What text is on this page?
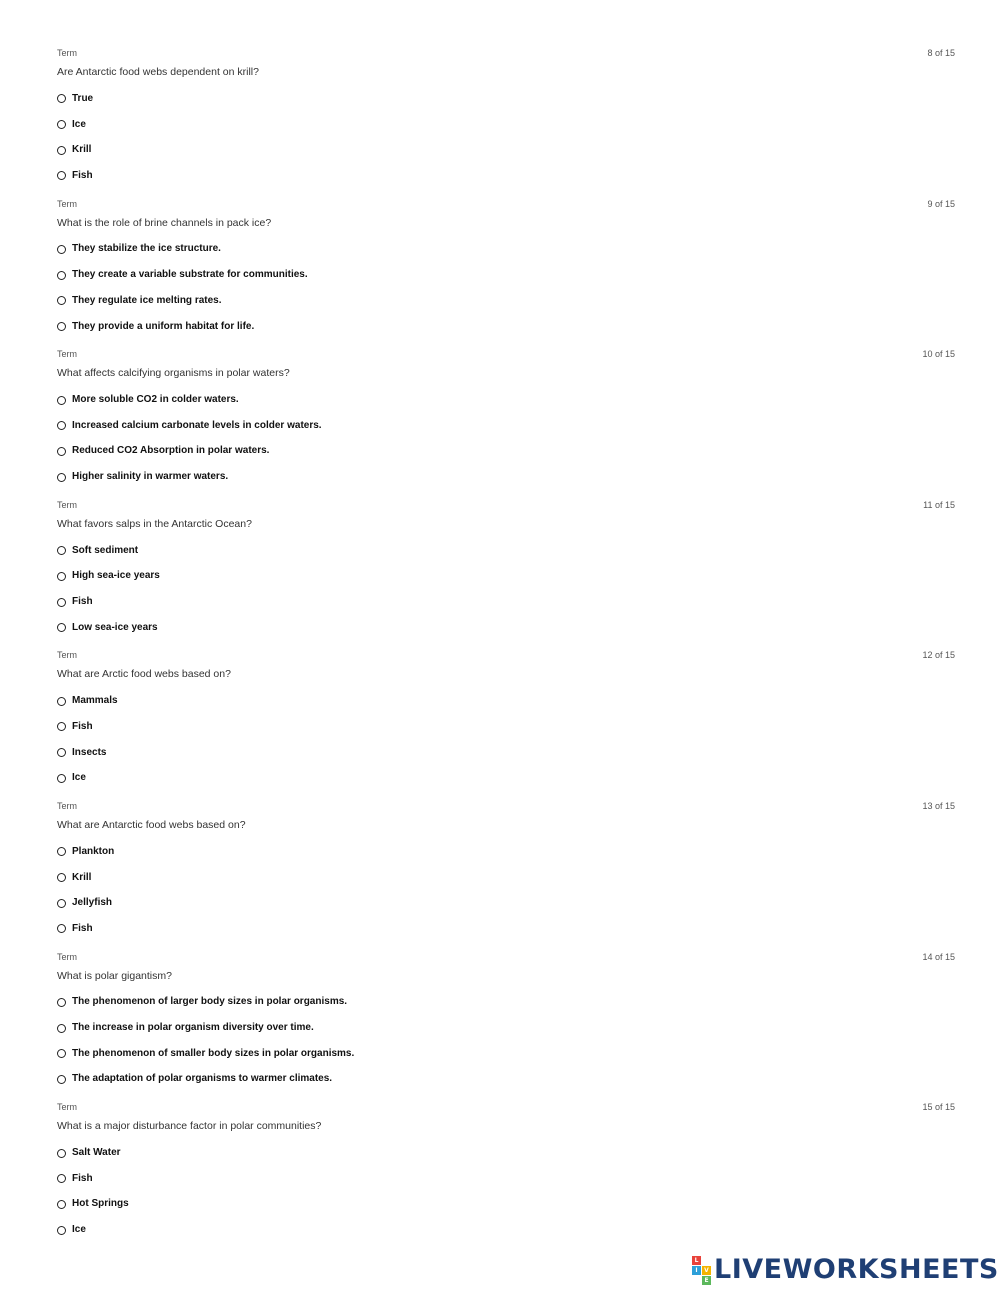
Term	8 of 15
Are Antarctic food webs dependent on krill?
True
Ice
Krill
Fish
Term	9 of 15
What is the role of brine channels in pack ice?
They stabilize the ice structure.
They create a variable substrate for communities.
They regulate ice melting rates.
They provide a uniform habitat for life.
Term	10 of 15
What affects calcifying organisms in polar waters?
More soluble CO2 in colder waters.
Increased calcium carbonate levels in colder waters.
Reduced CO2 Absorption in polar waters.
Higher salinity in warmer waters.
Term	11 of 15
What favors salps in the Antarctic Ocean?
Soft sediment
High sea-ice years
Fish
Low sea-ice years
Term	12 of 15
What are Arctic food webs based on?
Mammals
Fish
Insects
Ice
Term	13 of 15
What are Antarctic food webs based on?
Plankton
Krill
Jellyfish
Fish
Term	14 of 15
What is polar gigantism?
The phenomenon of larger body sizes in polar organisms.
The increase in polar organism diversity over time.
The phenomenon of smaller body sizes in polar organisms.
The adaptation of polar organisms to warmer climates.
Term	15 of 15
What is a major disturbance factor in polar communities?
Salt Water
Fish
Hot Springs
Ice
L
I	V
E LIVEWORKSHEETS
